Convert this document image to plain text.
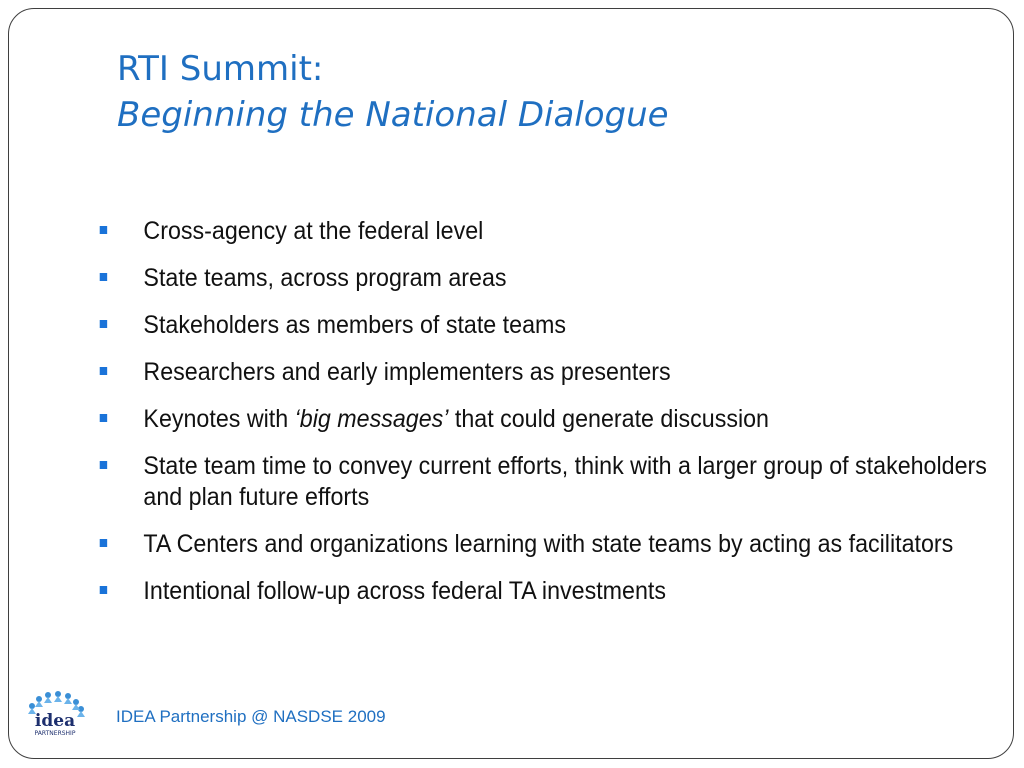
RTI Summit:
Beginning the National Dialogue
Cross-agency at the federal level
State teams, across program areas
Stakeholders as members of state teams
Researchers and early implementers as presenters
Keynotes with ‘big messages’ that could generate discussion
State team time to convey current efforts, think with a larger group of stakeholders and plan future efforts
TA Centers and organizations learning with state teams by acting as facilitators
Intentional follow-up across federal TA investments
idea
PARTNERSHIP
IDEA Partnership @ NASDSE 2009
